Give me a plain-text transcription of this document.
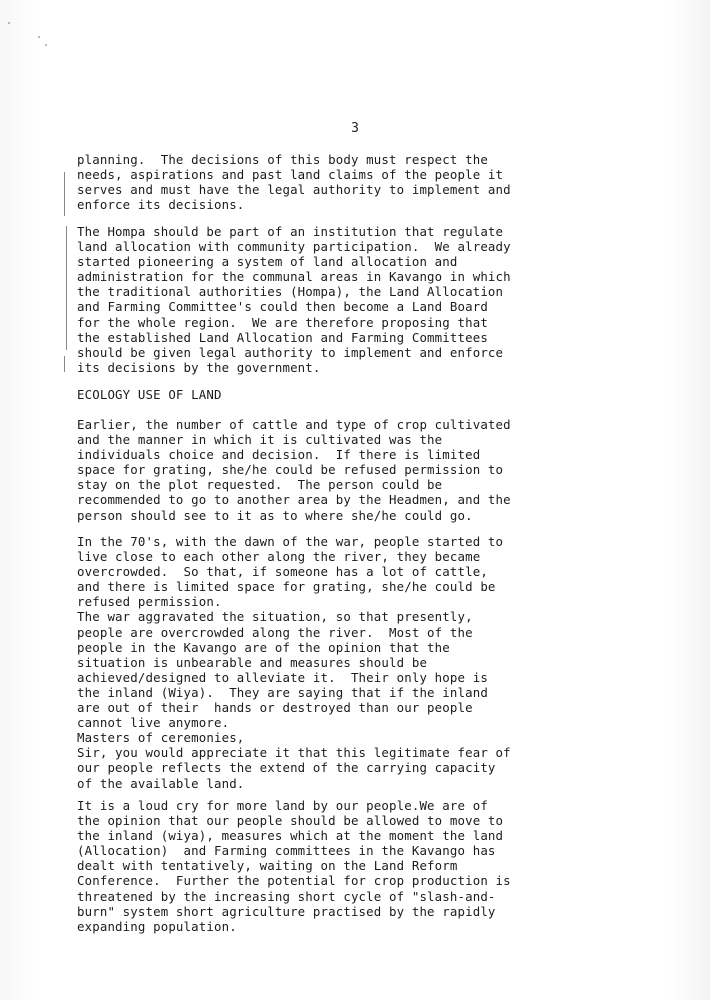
3
planning.  The decisions of this body must respect the
needs, aspirations and past land claims of the people it
serves and must have the legal authority to implement and
enforce its decisions.
The Hompa should be part of an institution that regulate
land allocation with community participation.  We already
started pioneering a system of land allocation and
administration for the communal areas in Kavango in which
the traditional authorities (Hompa), the Land Allocation
and Farming Committee's could then become a Land Board
for the whole region.  We are therefore proposing that
the established Land Allocation and Farming Committees
should be given legal authority to implement and enforce
its decisions by the government.
ECOLOGY USE OF LAND
Earlier, the number of cattle and type of crop cultivated
and the manner in which it is cultivated was the
individuals choice and decision.  If there is limited
space for grating, she/he could be refused permission to
stay on the plot requested.  The person could be
recommended to go to another area by the Headmen, and the
person should see to it as to where she/he could go.
In the 70's, with the dawn of the war, people started to
live close to each other along the river, they became
overcrowded.  So that, if someone has a lot of cattle,
and there is limited space for grating, she/he could be
refused permission.
The war aggravated the situation, so that presently,
people are overcrowded along the river.  Most of the
people in the Kavango are of the opinion that the
situation is unbearable and measures should be
achieved/designed to alleviate it.  Their only hope is
the inland (Wiya).  They are saying that if the inland
are out of their  hands or destroyed than our people
cannot live anymore.
Masters of ceremonies,
Sir, you would appreciate it that this legitimate fear of
our people reflects the extend of the carrying capacity
of the available land.
It is a loud cry for more land by our people.We are of
the opinion that our people should be allowed to move to
the inland (wiya), measures which at the moment the land
(Allocation)  and Farming committees in the Kavango has
dealt with tentatively, waiting on the Land Reform
Conference.  Further the potential for crop production is
threatened by the increasing short cycle of "slash-and-
burn" system short agriculture practised by the rapidly
expanding population.
